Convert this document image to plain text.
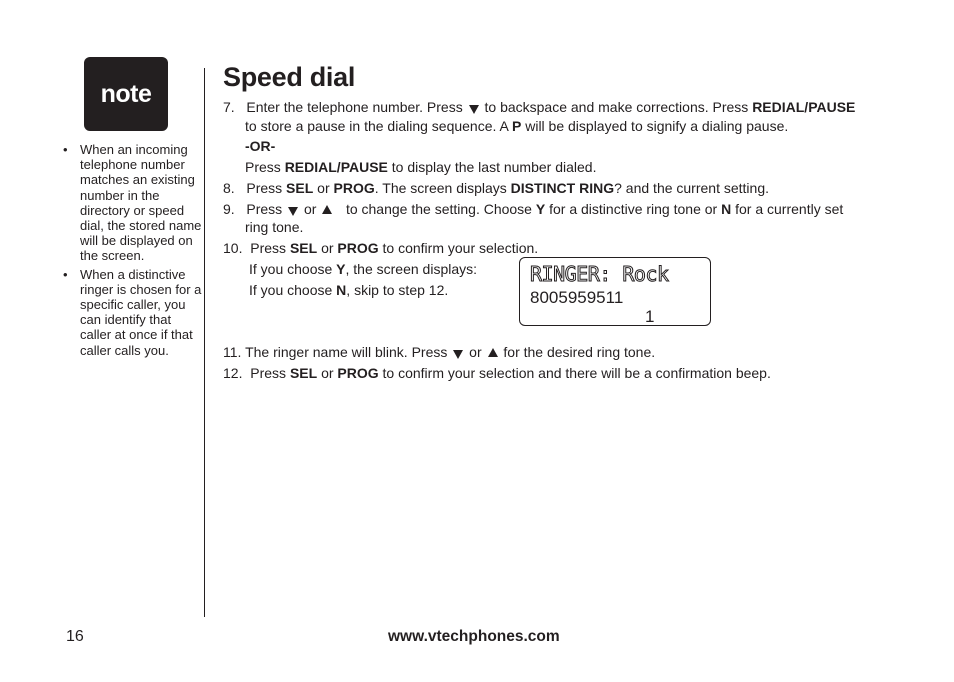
note
• When an incoming telephone number matches an existing number in the directory or speed dial, the stored name will be displayed on the screen.
• When a distinctive ringer is chosen for a specific caller, you can identify that caller at once if that caller calls you.
Speed dial
7. Enter the telephone number. Press to backspace and make corrections. Press REDIAL/PAUSE
to store a pause in the dialing sequence. A P will be displayed to signify a dialing pause.
-OR-
Press REDIAL/PAUSE to display the last number dialed.
8. Press SEL or PROG. The screen displays DISTINCT RING? and the current setting.
9. Press or to change the setting. Choose Y for a distinctive ring tone or N for a currently set
ring tone.
10. Press SEL or PROG to confirm your selection.
If you choose Y, the screen displays:
If you choose N, skip to step 12.
11. The ringer name will blink. Press or for the desired ring tone.
12. Press SEL or PROG to confirm your selection and there will be a confirmation beep.
RINGER: Rock
8005959511
1
16	www.vtechphones.com
